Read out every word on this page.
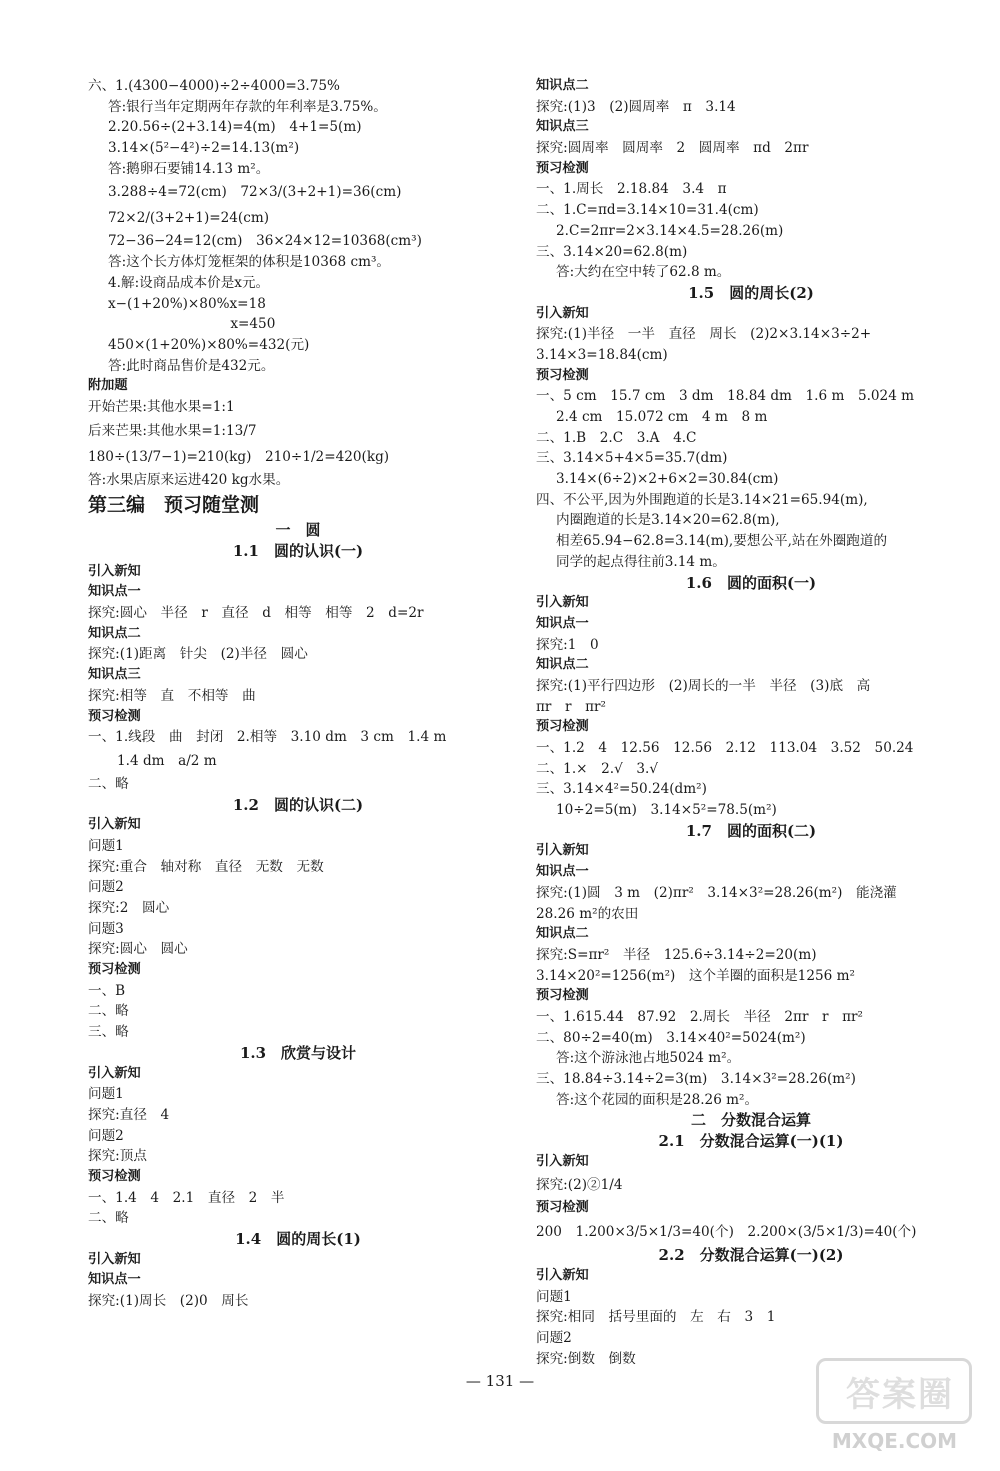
六、1.(4300−4000)÷2÷4000=3.75%
答:银行当年定期两年存款的年利率是3.75%。
2.20.56÷(2+3.14)=4(m)　4+1=5(m)
3.14×(5²−4²)÷2=14.13(m²)
答:鹅卵石要铺14.13 m²。
3.288÷4=72(cm)　72×3/(3+2+1)=36(cm)
72×2/(3+2+1)=24(cm)
72−36−24=12(cm)　36×24×12=10368(cm³)
答:这个长方体灯笼框架的体积是10368 cm³。
4.解:设商品成本价是x元。
x−(1+20%)×80%x=18
　　　　　　　　　x=450
450×(1+20%)×80%=432(元)
答:此时商品售价是432元。
附加题
开始芒果:其他水果=1:1
后来芒果:其他水果=1:13/7
180÷(13/7−1)=210(kg)　210÷1/2=420(kg)
答:水果店原来运进420 kg水果。
第三编　预习随堂测
一　圆
1.1　圆的认识(一)
引入新知
知识点一
探究:圆心　半径　r　直径　d　相等　相等　2　d=2r
知识点二
探究:(1)距离　针尖　(2)半径　圆心
知识点三
探究:相等　直　不相等　曲
预习检测
一、1.线段　曲　封闭　2.相等　3.10 dm　3 cm　1.4 m
1.4 dm　a/2 m
二、略
1.2　圆的认识(二)
引入新知
问题1
探究:重合　轴对称　直径　无数　无数
问题2
探究:2　圆心
问题3
探究:圆心　圆心
预习检测
一、B
二、略
三、略
1.3　欣赏与设计
引入新知
问题1
探究:直径　4
问题2
探究:顶点
预习检测
一、1.4　4　2.1　直径　2　半
二、略
1.4　圆的周长(1)
引入新知
知识点一
探究:(1)周长　(2)0　周长
知识点二
探究:(1)3　(2)圆周率　π　3.14
知识点三
探究:圆周率　圆周率　2　圆周率　πd　2πr
预习检测
一、1.周长　2.18.84　3.4　π
二、1.C=πd=3.14×10=31.4(cm)
2.C=2πr=2×3.14×4.5=28.26(m)
三、3.14×20=62.8(m)
答:大约在空中转了62.8 m。
1.5　圆的周长(2)
引入新知
探究:(1)半径　一半　直径　周长　(2)2×3.14×3÷2+
3.14×3=18.84(cm)
预习检测
一、5 cm　15.7 cm　3 dm　18.84 dm　1.6 m　5.024 m
2.4 cm　15.072 cm　4 m　8 m
二、1.B　2.C　3.A　4.C
三、3.14×5+4×5=35.7(dm)
3.14×(6÷2)×2+6×2=30.84(cm)
四、不公平,因为外围跑道的长是3.14×21=65.94(m),
内圈跑道的长是3.14×20=62.8(m),
相差65.94−62.8=3.14(m),要想公平,站在外圈跑道的
同学的起点得往前3.14 m。
1.6　圆的面积(一)
引入新知
知识点一
探究:1　0
知识点二
探究:(1)平行四边形　(2)周长的一半　半径　(3)底　高
πr　r　πr²
预习检测
一、1.2　4　12.56　12.56　2.12　113.04　3.52　50.24
二、1.×　2.√　3.√
三、3.14×4²=50.24(dm²)
10÷2=5(m)　3.14×5²=78.5(m²)
1.7　圆的面积(二)
引入新知
知识点一
探究:(1)圆　3 m　(2)πr²　3.14×3²=28.26(m²)　能浇灌
28.26 m²的农田
知识点二
探究:S=πr²　半径　125.6÷3.14÷2=20(m)
3.14×20²=1256(m²)　这个羊圈的面积是1256 m²
预习检测
一、1.615.44　87.92　2.周长　半径　2πr　r　πr²
二、80÷2=40(m)　3.14×40²=5024(m²)
答:这个游泳池占地5024 m²。
三、18.84÷3.14÷2=3(m)　3.14×3²=28.26(m²)
答:这个花园的面积是28.26 m²。
二　分数混合运算
2.1　分数混合运算(一)(1)
引入新知
探究:(2)②1/4
预习检测
200　1.200×3/5×1/3=40(个)　2.200×(3/5×1/3)=40(个)
2.2　分数混合运算(一)(2)
引入新知
问题1
探究:相同　括号里面的　左　右　3　1
问题2
探究:倒数　倒数
— 131 —	答案圈
MXQE.COM
